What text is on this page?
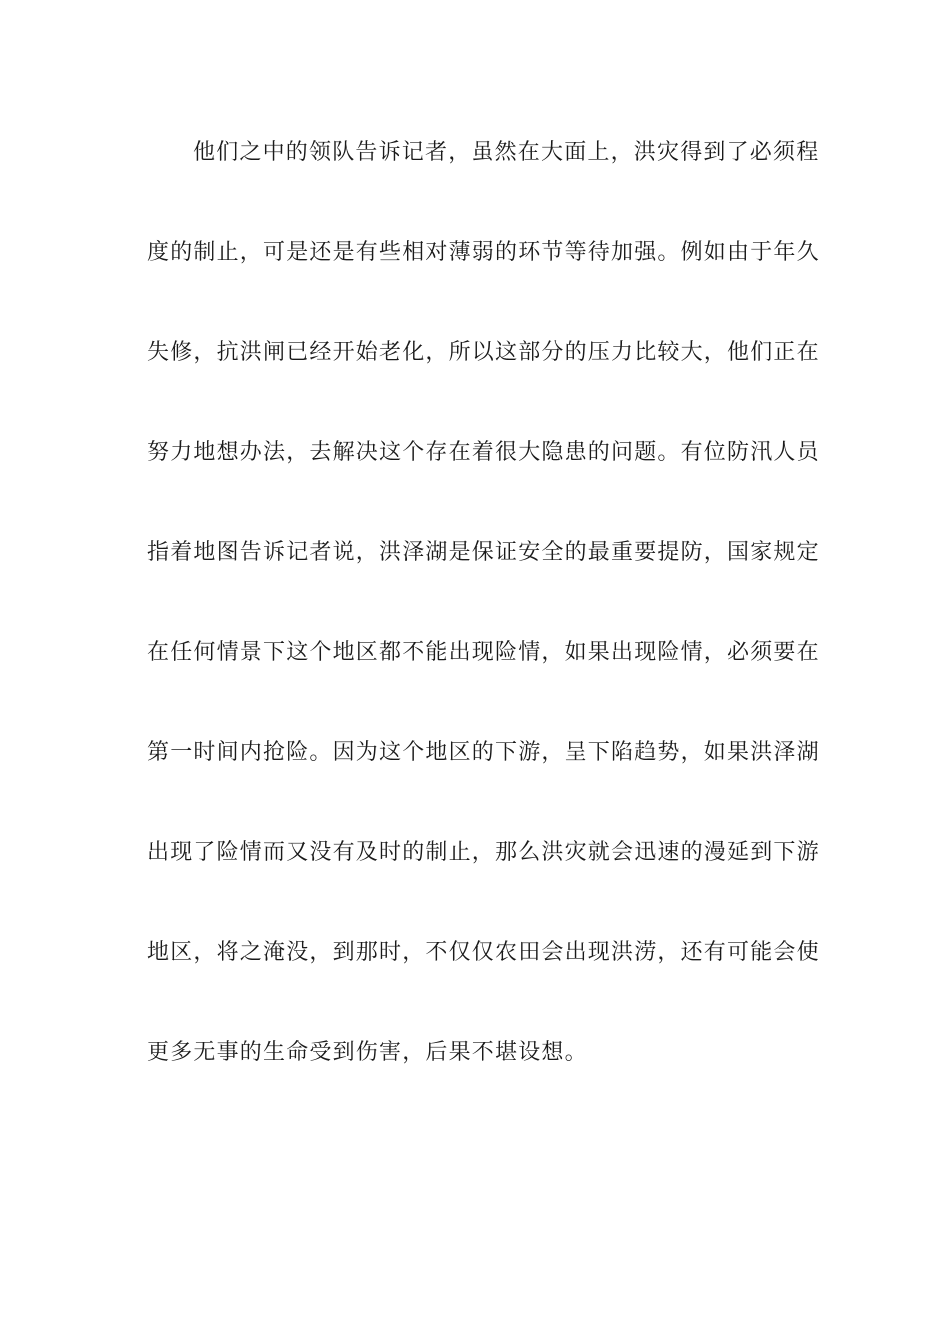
他们之中的领队告诉记者，虽然在大面上，洪灾得到了必须程
度的制止，可是还是有些相对薄弱的环节等待加强。例如由于年久
失修，抗洪闸已经开始老化，所以这部分的压力比较大，他们正在
努力地想办法，去解决这个存在着很大隐患的问题。有位防汛人员
指着地图告诉记者说，洪泽湖是保证安全的最重要提防，国家规定
在任何情景下这个地区都不能出现险情，如果出现险情，必须要在
第一时间内抢险。因为这个地区的下游，呈下陷趋势，如果洪泽湖
出现了险情而又没有及时的制止，那么洪灾就会迅速的漫延到下游
地区，将之淹没，到那时，不仅仅农田会出现洪涝，还有可能会使
更多无事的生命受到伤害，后果不堪设想。
